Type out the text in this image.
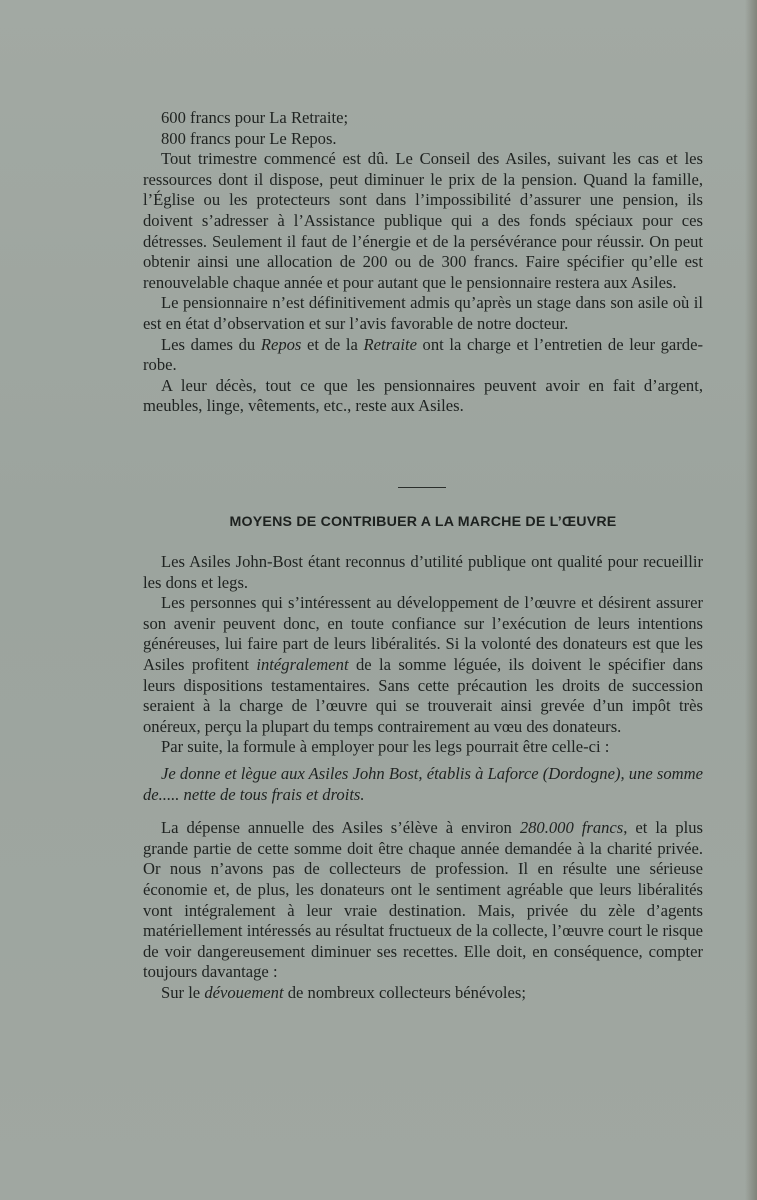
600 francs pour La Retraite;

800 francs pour Le Repos.

Tout trimestre commencé est dû. Le Conseil des Asiles, suivant les cas et les ressources dont il dispose, peut diminuer le prix de la pension. Quand la famille, l’Église ou les protecteurs sont dans l’impossibilité d’assurer une pension, ils doivent s’adresser à l’Assistance publique qui a des fonds spéciaux pour ces détresses. Seulement il faut de l’énergie et de la persévérance pour réussir. On peut obtenir ainsi une allocation de 200 ou de 300 francs. Faire spécifier qu’elle est renouvelable chaque année et pour autant que le pensionnaire restera aux Asiles.

Le pensionnaire n’est définitivement admis qu’après un stage dans son asile où il est en état d’observation et sur l’avis favorable de notre docteur.

Les dames du Repos et de la Retraite ont la charge et l’entretien de leur garde-robe.

A leur décès, tout ce que les pensionnaires peuvent avoir en fait d’argent, meubles, linge, vêtements, etc., reste aux Asiles.

MOYENS DE CONTRIBUER A LA MARCHE DE L’ŒUVRE

Les Asiles John-Bost étant reconnus d’utilité publique ont qualité pour recueillir les dons et legs.

Les personnes qui s’intéressent au développement de l’œuvre et désirent assurer son avenir peuvent donc, en toute confiance sur l’exécution de leurs intentions généreuses, lui faire part de leurs libéralités. Si la volonté des donateurs est que les Asiles profitent intégralement de la somme léguée, ils doivent le spécifier dans leurs dispositions testamentaires. Sans cette précaution les droits de succession seraient à la charge de l’œuvre qui se trouverait ainsi grevée d’un impôt très onéreux, perçu la plupart du temps contrairement au vœu des donateurs.

Par suite, la formule à employer pour les legs pourrait être celle-ci :

Je donne et lègue aux Asiles John Bost, établis à Laforce (Dordogne), une somme de..... nette de tous frais et droits.

La dépense annuelle des Asiles s’élève à environ 280.000 francs, et la plus grande partie de cette somme doit être chaque année demandée à la charité privée. Or nous n’avons pas de collecteurs de profession. Il en résulte une sérieuse économie et, de plus, les donateurs ont le sentiment agréable que leurs libéralités vont intégralement à leur vraie destination. Mais, privée du zèle d’agents matériellement intéressés au résultat fructueux de la collecte, l’œuvre court le risque de voir dangereusement diminuer ses recettes. Elle doit, en conséquence, compter toujours davantage :

Sur le dévouement de nombreux collecteurs bénévoles;
